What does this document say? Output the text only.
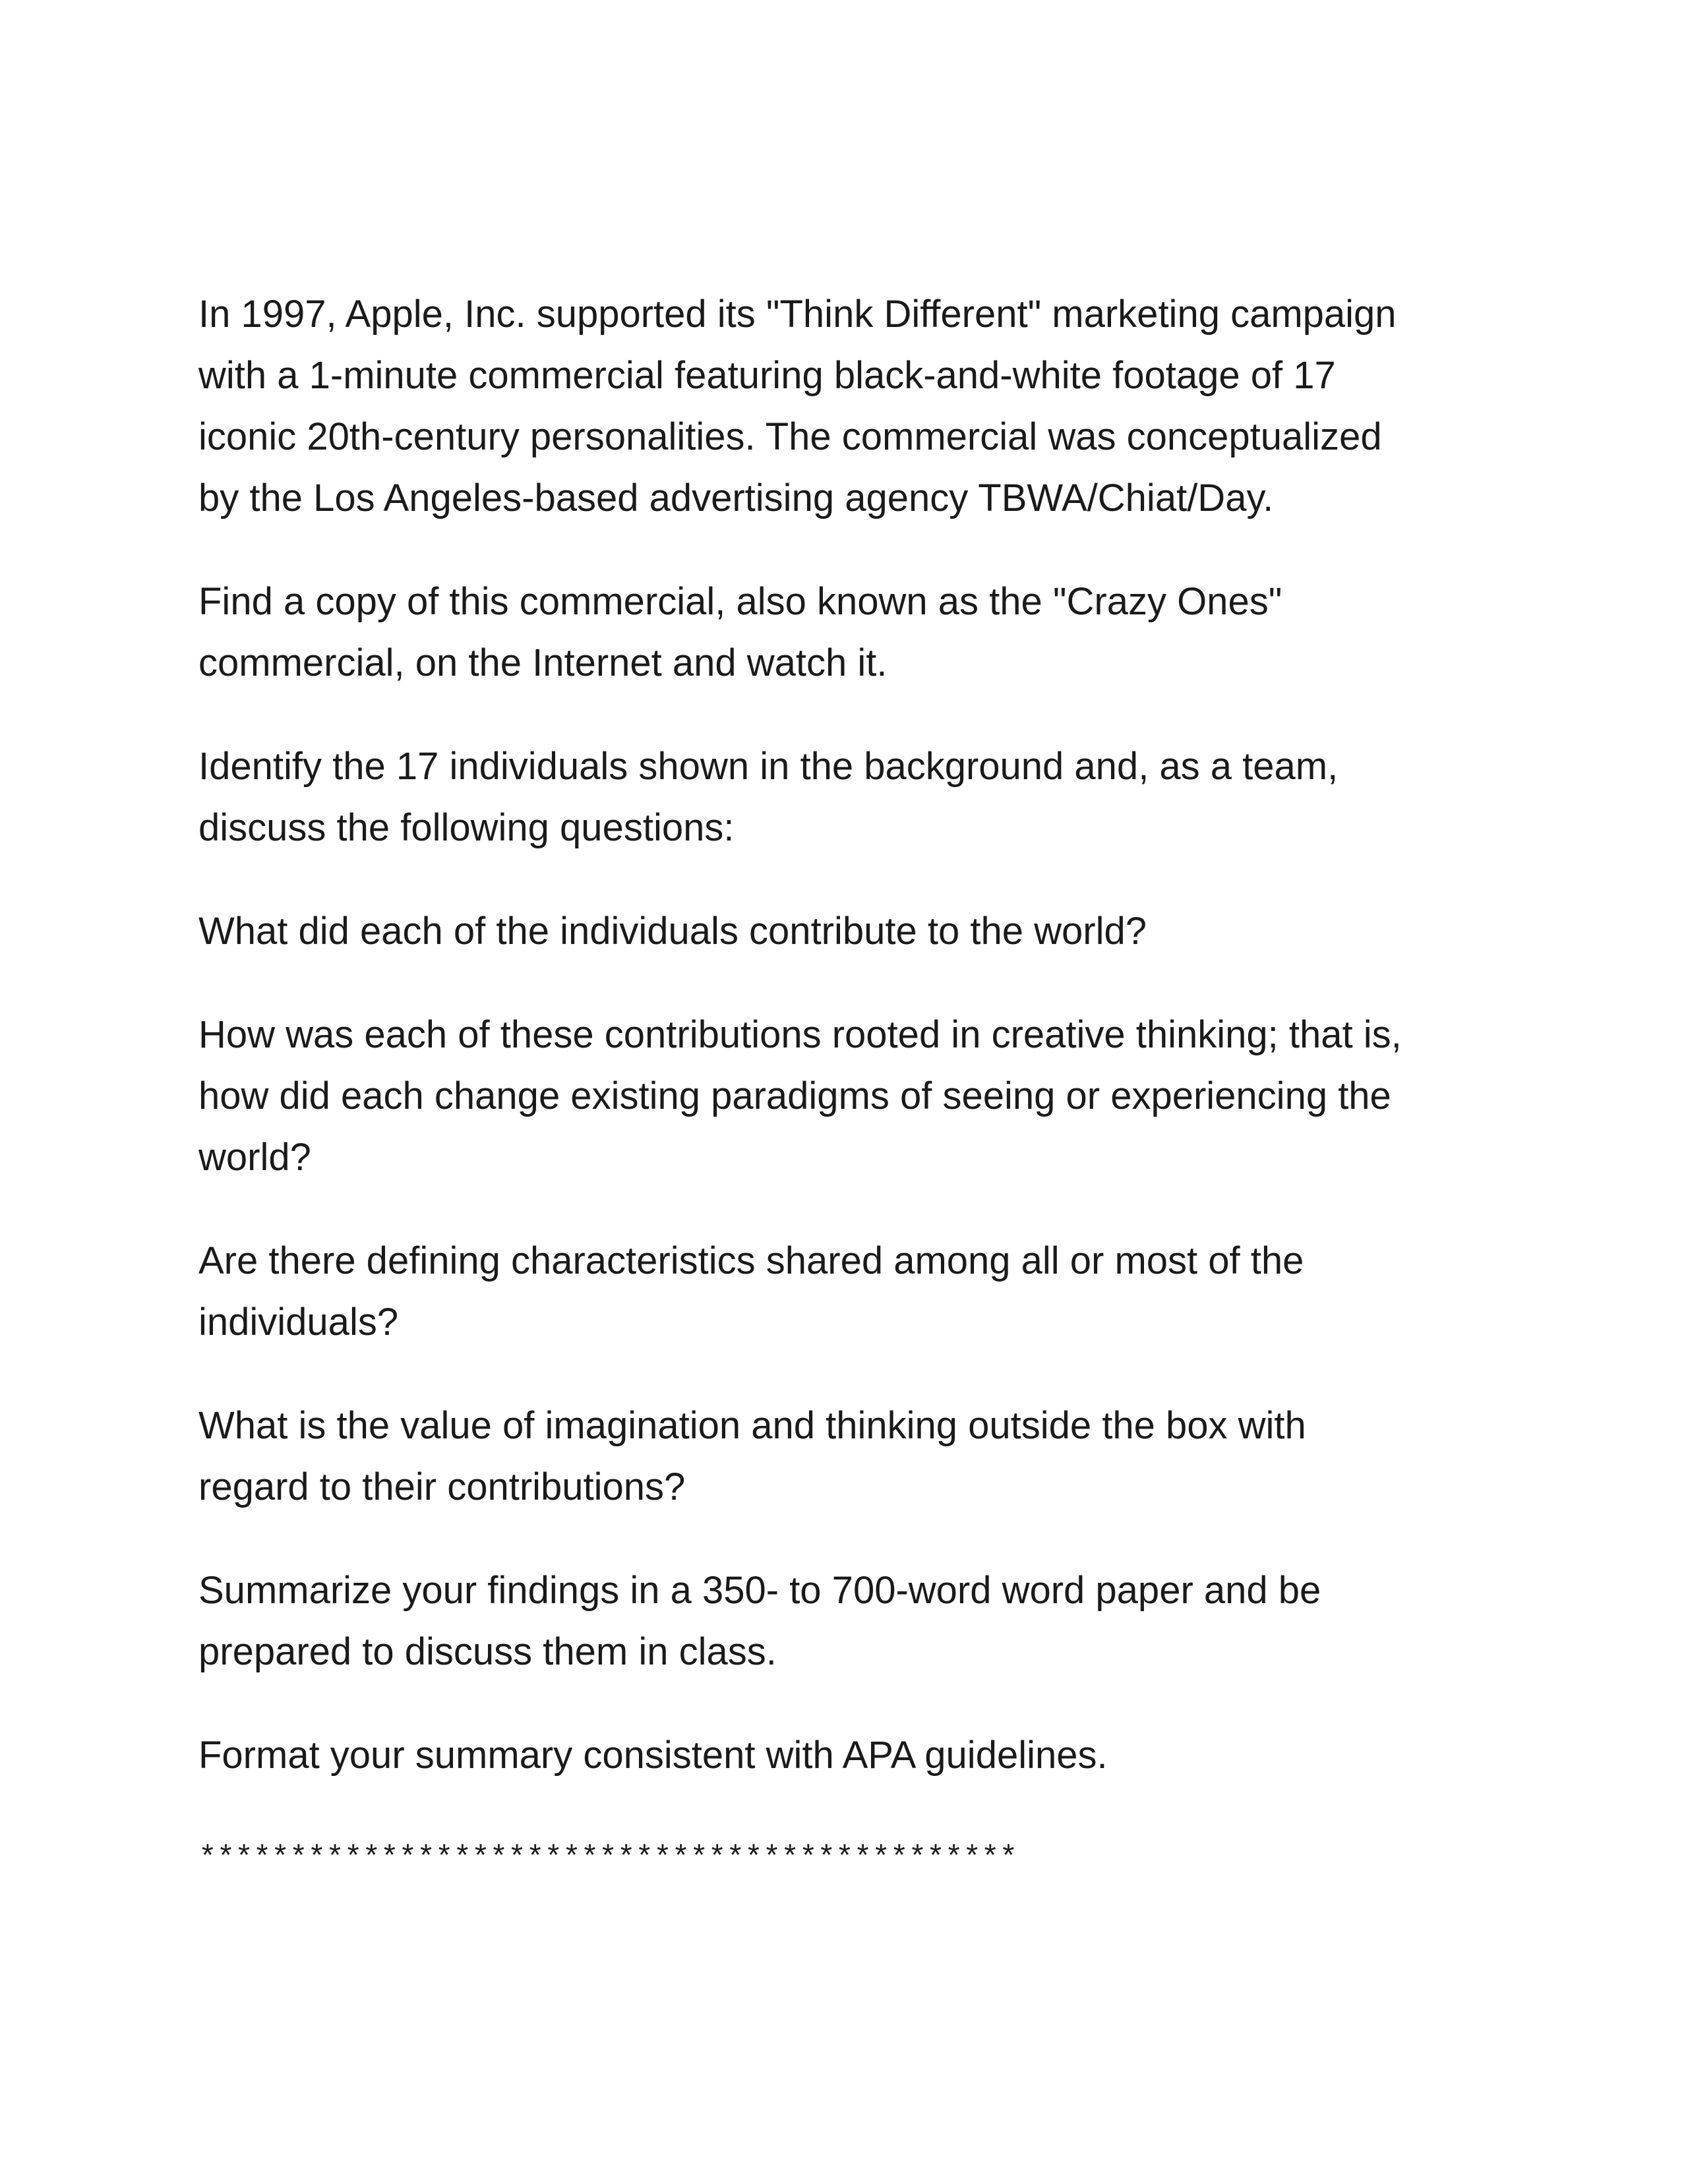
In 1997, Apple, Inc. supported its "Think Different" marketing campaign
with a 1-minute commercial featuring black-and-white footage of 17
iconic 20th-century personalities. The commercial was conceptualized
by the Los Angeles-based advertising agency TBWA/Chiat/Day.

Find a copy of this commercial, also known as the "Crazy Ones"
commercial, on the Internet and watch it.

Identify the 17 individuals shown in the background and, as a team,
discuss the following questions:

What did each of the individuals contribute to the world?

How was each of these contributions rooted in creative thinking; that is,
how did each change existing paradigms of seeing or experiencing the
world?

Are there defining characteristics shared among all or most of the
individuals?

What is the value of imagination and thinking outside the box with
regard to their contributions?

Summarize your findings in a 350- to 700-word word paper and be
prepared to discuss them in class.

Format your summary consistent with APA guidelines.

*********************************************
